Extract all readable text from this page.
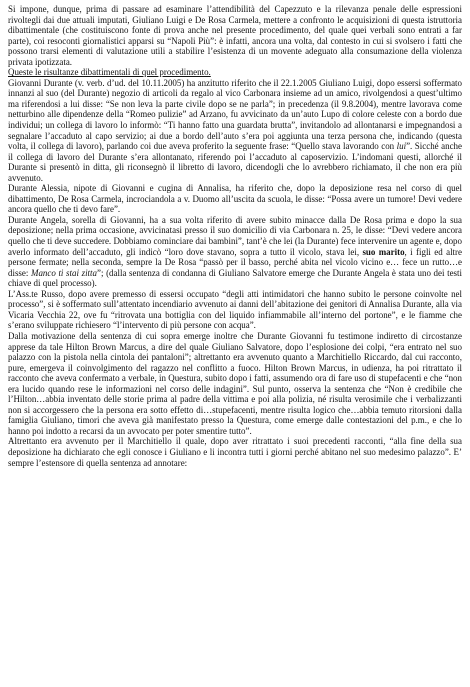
Si impone, dunque, prima di passare ad esaminare l’attendibilità del Capezzuto e la rilevanza penale delle espressioni rivoltegli dai due attuali imputati, Giuliano Luigi e De Rosa Carmela, mettere a confronto le acquisizioni di questa istruttoria dibattimentale (che costituiscono fonte di prova anche nel presente procedimento, del quale quei verbali sono entrati a far parte), coi resoconti giornalistici apparsi su “Napoli Più”: è infatti, ancora una volta, dal contesto in cui si svolsero i fatti che possono trarsi elementi di valutazione utili a stabilire l’esistenza di un movente adeguato alla consumazione della violenza privata ipotizzata.

Queste le risultanze dibattimentali di quel procedimento.

Giovanni Durante (v. verb. d’ud. del 10.11.2005) ha anzitutto riferito che il 22.1.2005 Giuliano Luigi, dopo essersi soffermato innanzi al suo (del Durante) negozio di articoli da regalo al vico Carbonara insieme ad un amico, rivolgendosi a quest’ultimo ma riferendosi a lui disse: “Se non leva la parte civile dopo se ne parla”; in precedenza (il 9.8.2004), mentre lavorava come netturbino alle dipendenze della “Romeo pulizie” ad Arzano, fu avvicinato da un’auto Lupo di colore celeste con a bordo due individui; un collega di lavoro lo informò: “Ti hanno fatto una guardata brutta”, invitandolo ad allontanarsi e impegnandosi a segnalare l’accaduto al capo servizio; ai due a bordo dell’auto s’era poi aggiunta una terza persona che, indicando (questa volta, il collega di lavoro), parlando coi due aveva proferito la seguente frase: “Quello stava lavorando con lui”. Sicché anche il collega di lavoro del Durante s’era allontanato, riferendo poi l’accaduto al caposervizio. L’indomani questi, allorché il Durante si presentò in ditta, gli riconsegnò il libretto di lavoro, dicendogli che lo avrebbero richiamato, il che non era più avvenuto.

Durante Alessia, nipote di Giovanni e cugina di Annalisa, ha riferito che, dopo la deposizione resa nel corso di quel dibattimento, De Rosa Carmela, incrociandola a v. Duomo all’uscita da scuola, le disse: “Possa avere un tumore! Devi vedere ancora quello che ti devo fare”.

Durante Angela, sorella di Giovanni, ha a sua volta riferito di avere subito minacce dalla De Rosa prima e dopo la sua deposizione; nella prima occasione, avvicinatasi presso il suo domicilio di via Carbonara n. 25, le disse: “Devi vedere ancora quello che ti deve succedere. Dobbiamo cominciare dai bambini”, tant’è che lei (la Durante) fece intervenire un agente e, dopo averlo informato dell’accaduto, gli indicò “loro dove stavano, sopra a tutto il vicolo, stava lei, suo marito, i figli ed altre persone fermate; nella seconda, sempre la De Rosa “passò per il basso, perché abita nel vicolo vicino e… fece un rutto…e disse: Manco ti stai zitta”; (dalla sentenza di condanna di Giuliano Salvatore emerge che Durante Angela è stata uno dei testi chiave di quel processo).

L’Ass.te Russo, dopo avere premesso di essersi occupato “degli atti intimidatori che hanno subito le persone coinvolte nel processo”, si è soffermato sull’attentato incendiario avvenuto ai danni dell’abitazione dei genitori di Annalisa Durante, alla via Vicaria Vecchia 22, ove fu “ritrovata una bottiglia con del liquido infiammabile all’interno del portone”, e le fiamme che s’erano sviluppate richiesero “l’intervento di più persone con acqua”.

Dalla motivazione della sentenza di cui sopra emerge inoltre che Durante Giovanni fu testimone indiretto di circostanze apprese da tale Hilton Brown Marcus, a dire del quale Giuliano Salvatore, dopo l’esplosione dei colpi, “era entrato nel suo palazzo con la pistola nella cintola dei pantaloni”; altrettanto era avvenuto quanto a Marchitiello Riccardo, dal cui racconto, pure, emergeva il coinvolgimento del ragazzo nel conflitto a fuoco. Hilton Brown Marcus, in udienza, ha poi ritrattato il racconto che aveva confermato a verbale, in Questura, subito dopo i fatti, assumendo ora di fare uso di stupefacenti e che “non era lucido quando rese le informazioni nel corso delle indagini”. Sul punto, osserva la sentenza che “Non è credibile che l’Hilton…abbia inventato delle storie prima al padre della vittima e poi alla polizia, né risulta verosimile che i verbalizzanti non si accorgessero che la persona era sotto effetto di…stupefacenti, mentre risulta logico che…abbia temuto ritorsioni dalla famiglia Giuliano, timori che aveva già manifestato presso la Questura, come emerge dalle contestazioni del p.m., e che lo hanno poi indotto a recarsi da un avvocato per poter smentire tutto”.

Altrettanto era avvenuto per il Marchitiello il quale, dopo aver ritrattato i suoi precedenti racconti, “alla fine della sua deposizione ha dichiarato che egli conosce i Giuliano e li incontra tutti i giorni perché abitano nel suo medesimo palazzo”. E’ sempre l’estensore di quella sentenza ad annotare:
